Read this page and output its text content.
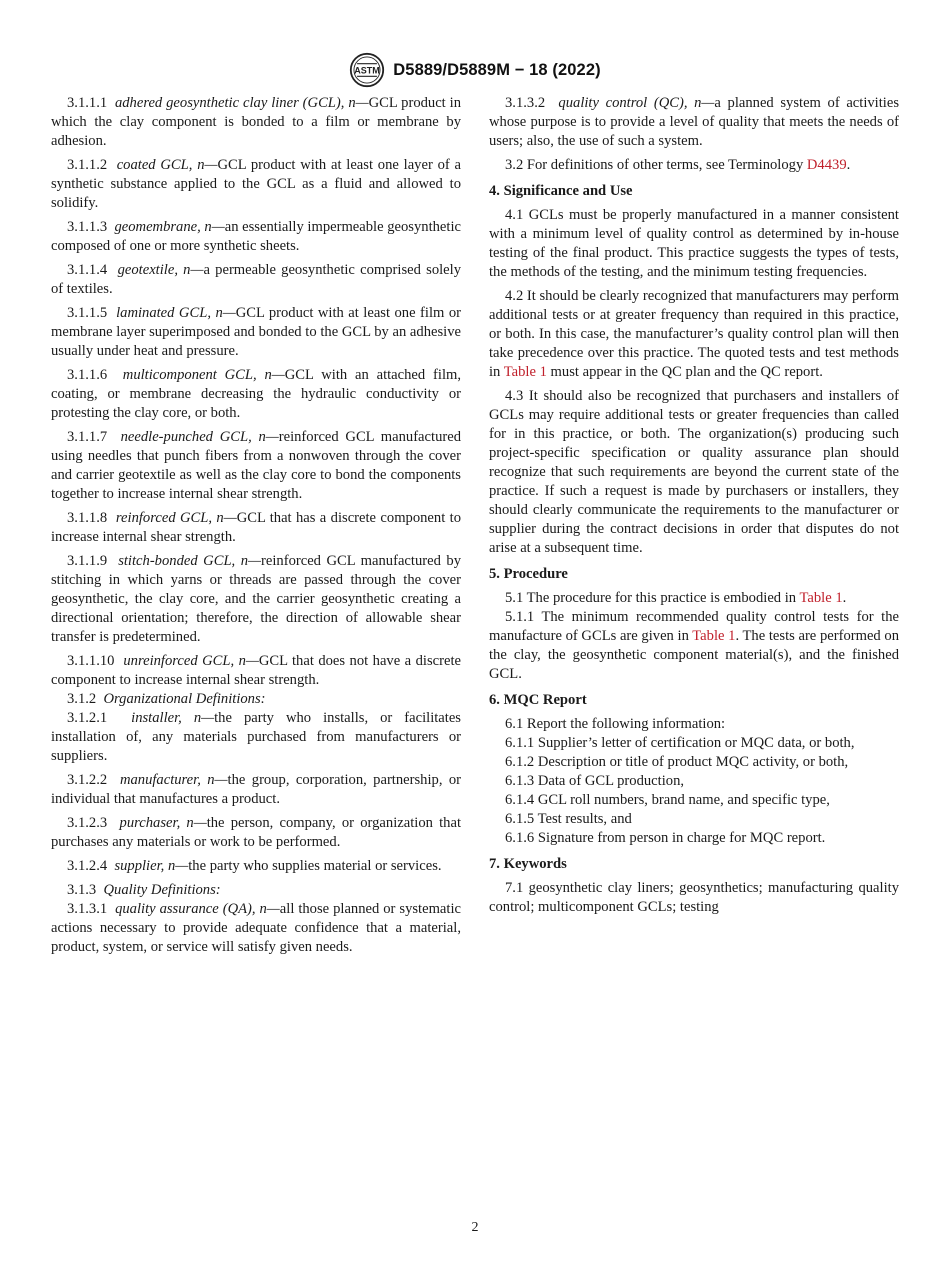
ASTM D5889/D5889M − 18 (2022)

3.1.1.1 adhered geosynthetic clay liner (GCL), n—GCL product in which the clay component is bonded to a film or membrane by adhesion.

3.1.1.2 coated GCL, n—GCL product with at least one layer of a synthetic substance applied to the GCL as a fluid and allowed to solidify.

3.1.1.3 geomembrane, n—an essentially impermeable geosynthetic composed of one or more synthetic sheets.

3.1.1.4 geotextile, n—a permeable geosynthetic comprised solely of textiles.

3.1.1.5 laminated GCL, n—GCL product with at least one film or membrane layer superimposed and bonded to the GCL by an adhesive usually under heat and pressure.

3.1.1.6 multicomponent GCL, n—GCL with an attached film, coating, or membrane decreasing the hydraulic conductivity or protesting the clay core, or both.

3.1.1.7 needle-punched GCL, n—reinforced GCL manufactured using needles that punch fibers from a nonwoven through the cover and carrier geotextile as well as the clay core to bond the components together to increase internal shear strength.

3.1.1.8 reinforced GCL, n—GCL that has a discrete component to increase internal shear strength.

3.1.1.9 stitch-bonded GCL, n—reinforced GCL manufactured by stitching in which yarns or threads are passed through the cover geosynthetic, the clay core, and the carrier geosynthetic creating a directional orientation; therefore, the direction of allowable shear transfer is predetermined.

3.1.1.10 unreinforced GCL, n—GCL that does not have a discrete component to increase internal shear strength.

3.1.2 Organizational Definitions:

3.1.2.1 installer, n—the party who installs, or facilitates installation of, any materials purchased from manufacturers or suppliers.

3.1.2.2 manufacturer, n—the group, corporation, partnership, or individual that manufactures a product.

3.1.2.3 purchaser, n—the person, company, or organization that purchases any materials or work to be performed.

3.1.2.4 supplier, n—the party who supplies material or services.

3.1.3 Quality Definitions:

3.1.3.1 quality assurance (QA), n—all those planned or systematic actions necessary to provide adequate confidence that a material, product, system, or service will satisfy given needs.

3.1.3.2 quality control (QC), n—a planned system of activities whose purpose is to provide a level of quality that meets the needs of users; also, the use of such a system.

3.2 For definitions of other terms, see Terminology D4439.

4. Significance and Use

4.1 GCLs must be properly manufactured in a manner consistent with a minimum level of quality control as determined by in-house testing of the final product. This practice suggests the types of tests, the methods of the testing, and the minimum testing frequencies.

4.2 It should be clearly recognized that manufacturers may perform additional tests or at greater frequency than required in this practice, or both. In this case, the manufacturer’s quality control plan will then take precedence over this practice. The quoted tests and test methods in Table 1 must appear in the QC plan and the QC report.

4.3 It should also be recognized that purchasers and installers of GCLs may require additional tests or greater frequencies than called for in this practice, or both. The organization(s) producing such project-specific specification or quality assurance plan should recognize that such requirements are beyond the current state of the practice. If such a request is made by purchasers or installers, they should clearly communicate the requirements to the manufacturer or supplier during the contract decisions in order that disputes do not arise at a subsequent time.

5. Procedure

5.1 The procedure for this practice is embodied in Table 1.

5.1.1 The minimum recommended quality control tests for the manufacture of GCLs are given in Table 1. The tests are performed on the clay, the geosynthetic component material(s), and the finished GCL.

6. MQC Report

6.1 Report the following information:

6.1.1 Supplier’s letter of certification or MQC data, or both,

6.1.2 Description or title of product MQC activity, or both,

6.1.3 Data of GCL production,

6.1.4 GCL roll numbers, brand name, and specific type,

6.1.5 Test results, and

6.1.6 Signature from person in charge for MQC report.

7. Keywords

7.1 geosynthetic clay liners; geosynthetics; manufacturing quality control; multicomponent GCLs; testing

2
